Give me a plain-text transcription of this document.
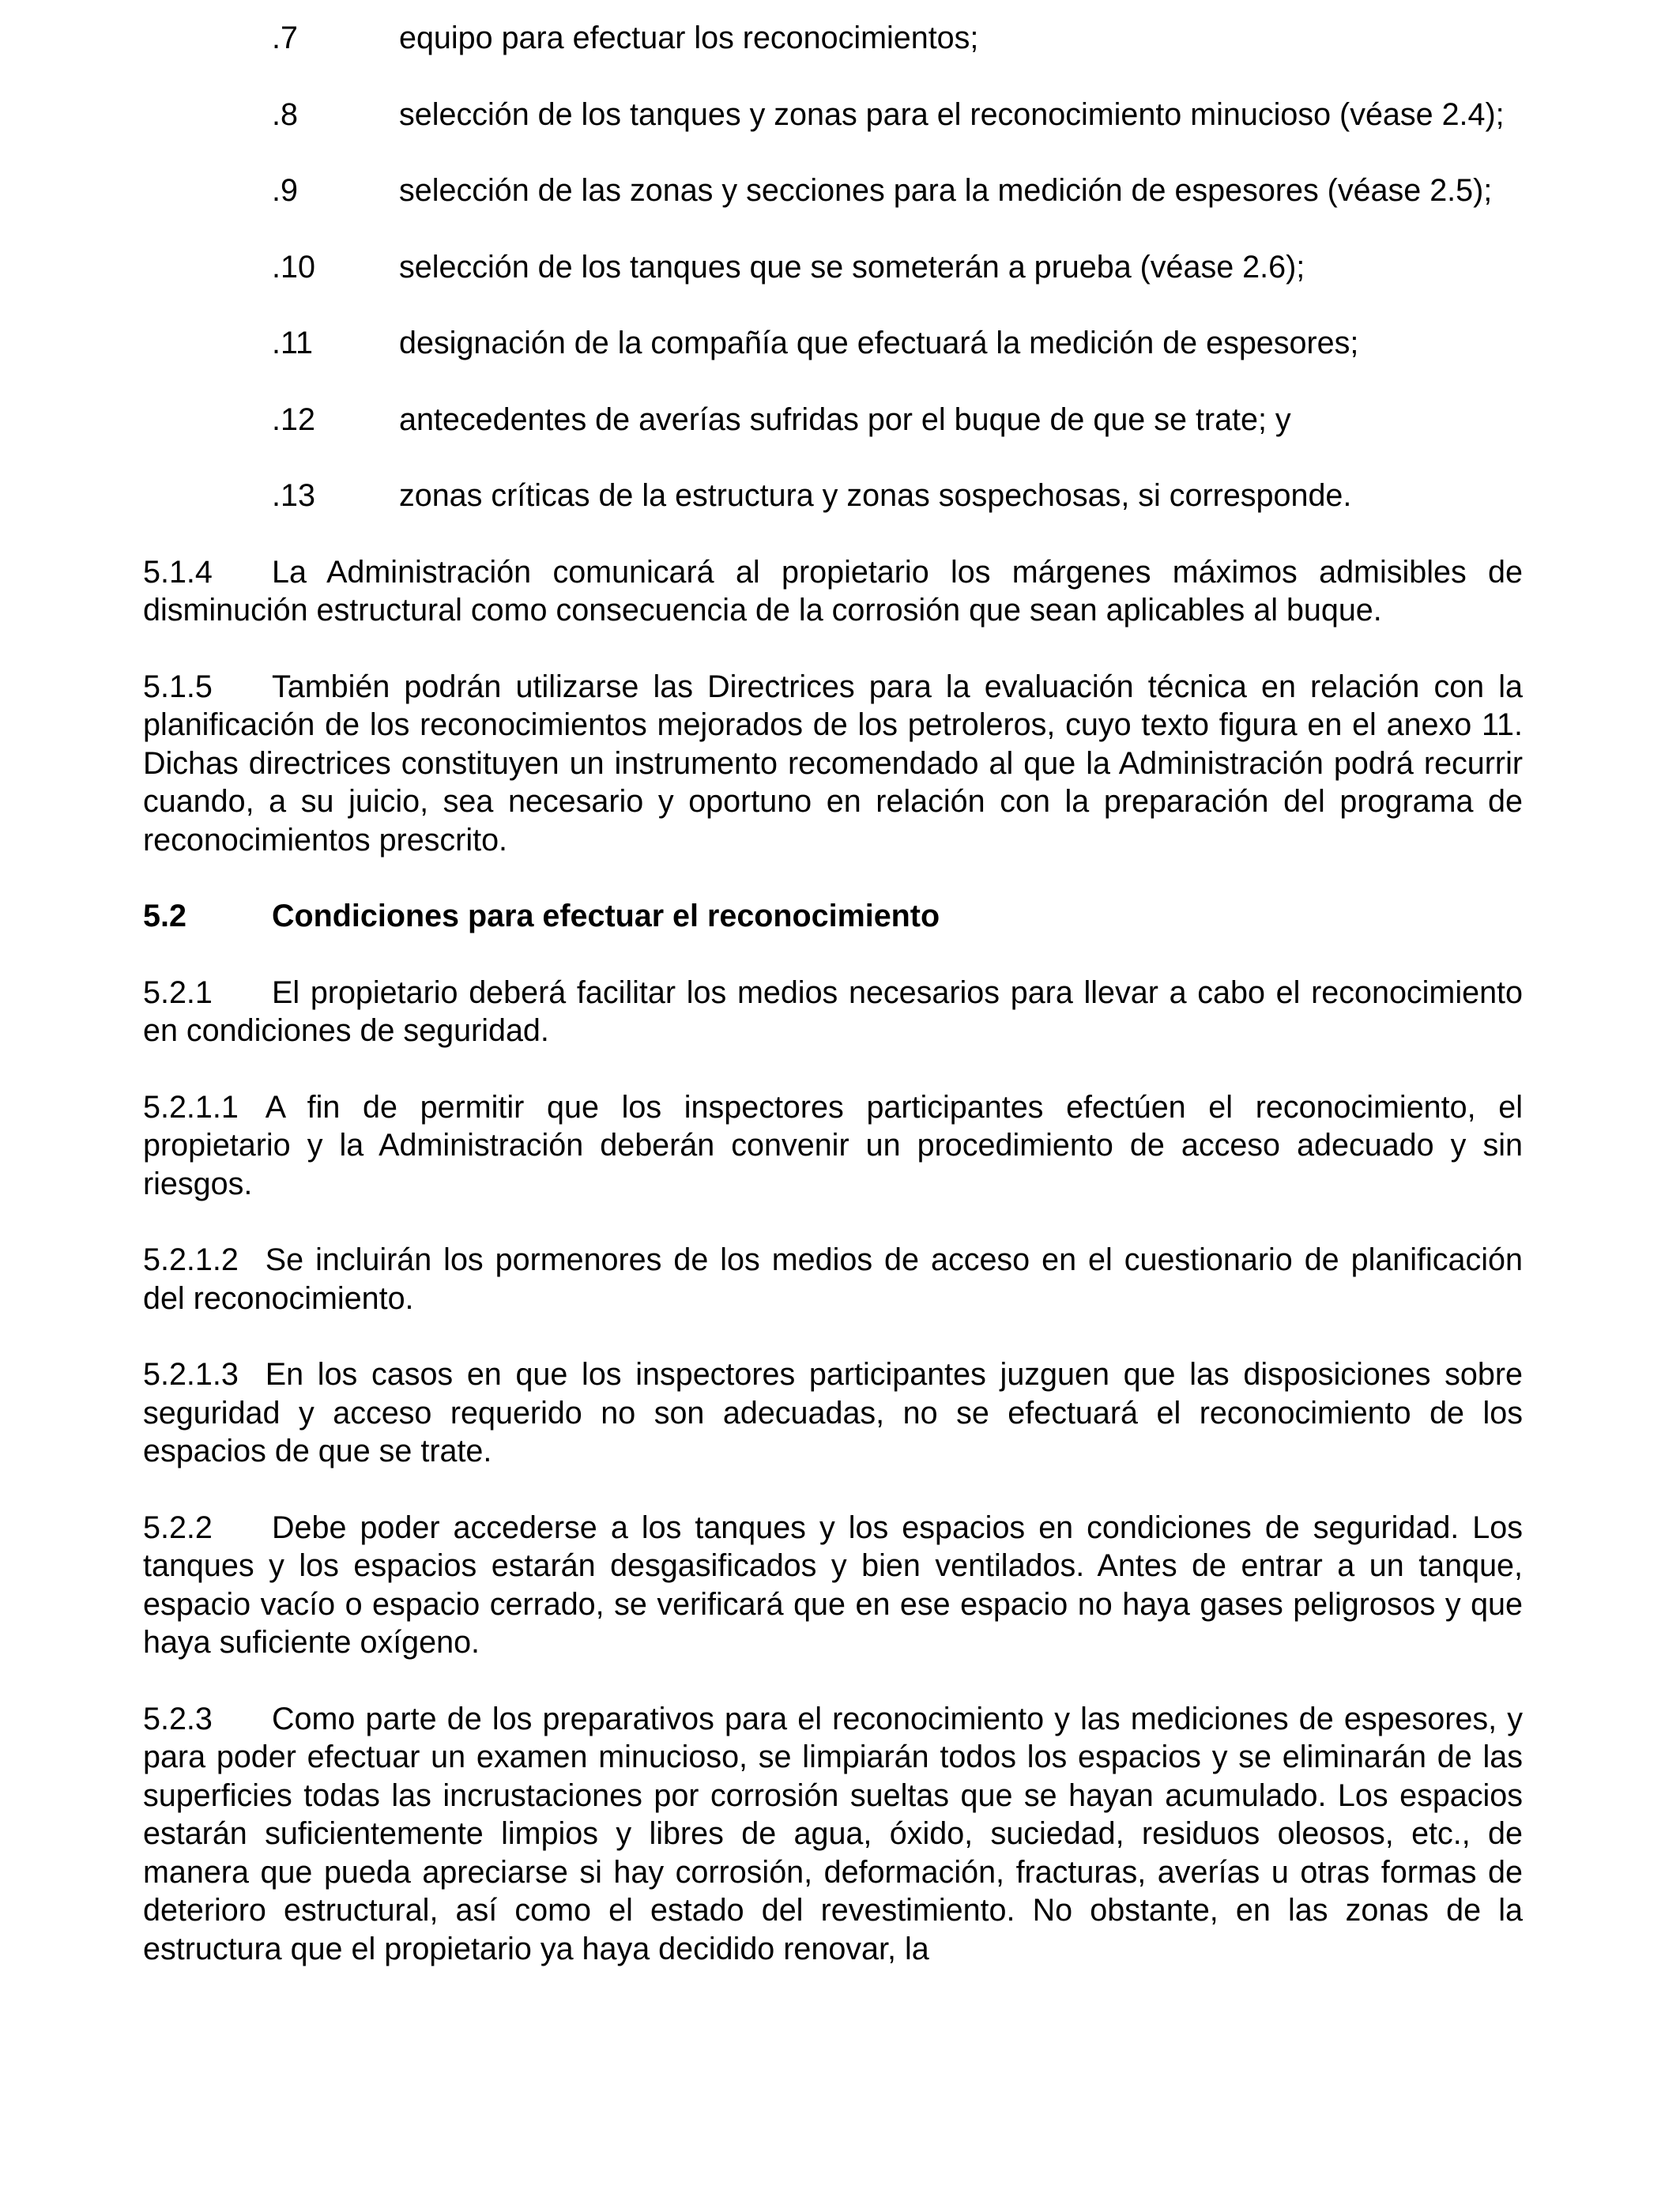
.7	equipo para efectuar los reconocimientos;
.8	selección de los tanques y zonas para el reconocimiento minucioso (véase 2.4);
.9	selección de las zonas y secciones para la medición de espesores (véase 2.5);
.10	selección de los tanques que se someterán a prueba (véase 2.6);
.11	designación de la compañía que efectuará la medición de espesores;
.12	antecedentes de averías sufridas por el buque de que se trate; y
.13	zonas críticas de la estructura y zonas sospechosas, si corresponde.

5.1.4 La Administración comunicará al propietario los márgenes máximos admisibles de disminución estructural como consecuencia de la corrosión que sean aplicables al buque.

5.1.5 También podrán utilizarse las Directrices para la evaluación técnica en relación con la planificación de los reconocimientos mejorados de los petroleros, cuyo texto figura en el anexo 11. Dichas directrices constituyen un instrumento recomendado al que la Administración podrá recurrir cuando, a su juicio, sea necesario y oportuno en relación con la preparación del programa de reconocimientos prescrito.

5.2	Condiciones para efectuar el reconocimiento

5.2.1 El propietario deberá facilitar los medios necesarios para llevar a cabo el reconocimiento en condiciones de seguridad.

5.2.1.1 A fin de permitir que los inspectores participantes efectúen el reconocimiento, el propietario y la Administración deberán convenir un procedimiento de acceso adecuado y sin riesgos.

5.2.1.2 Se incluirán los pormenores de los medios de acceso en el cuestionario de planificación del reconocimiento.

5.2.1.3 En los casos en que los inspectores participantes juzguen que las disposiciones sobre seguridad y acceso requerido no son adecuadas, no se efectuará el reconocimiento de los espacios de que se trate.

5.2.2 Debe poder accederse a los tanques y los espacios en condiciones de seguridad. Los tanques y los espacios estarán desgasificados y bien ventilados. Antes de entrar a un tanque, espacio vacío o espacio cerrado, se verificará que en ese espacio no haya gases peligrosos y que haya suficiente oxígeno.

5.2.3 Como parte de los preparativos para el reconocimiento y las mediciones de espesores, y para poder efectuar un examen minucioso, se limpiarán todos los espacios y se eliminarán de las superficies todas las incrustaciones por corrosión sueltas que se hayan acumulado. Los espacios estarán suficientemente limpios y libres de agua, óxido, suciedad, residuos oleosos, etc., de manera que pueda apreciarse si hay corrosión, deformación, fracturas, averías u otras formas de deterioro estructural, así como el estado del revestimiento. No obstante, en las zonas de la estructura que el propietario ya haya decidido renovar, la
